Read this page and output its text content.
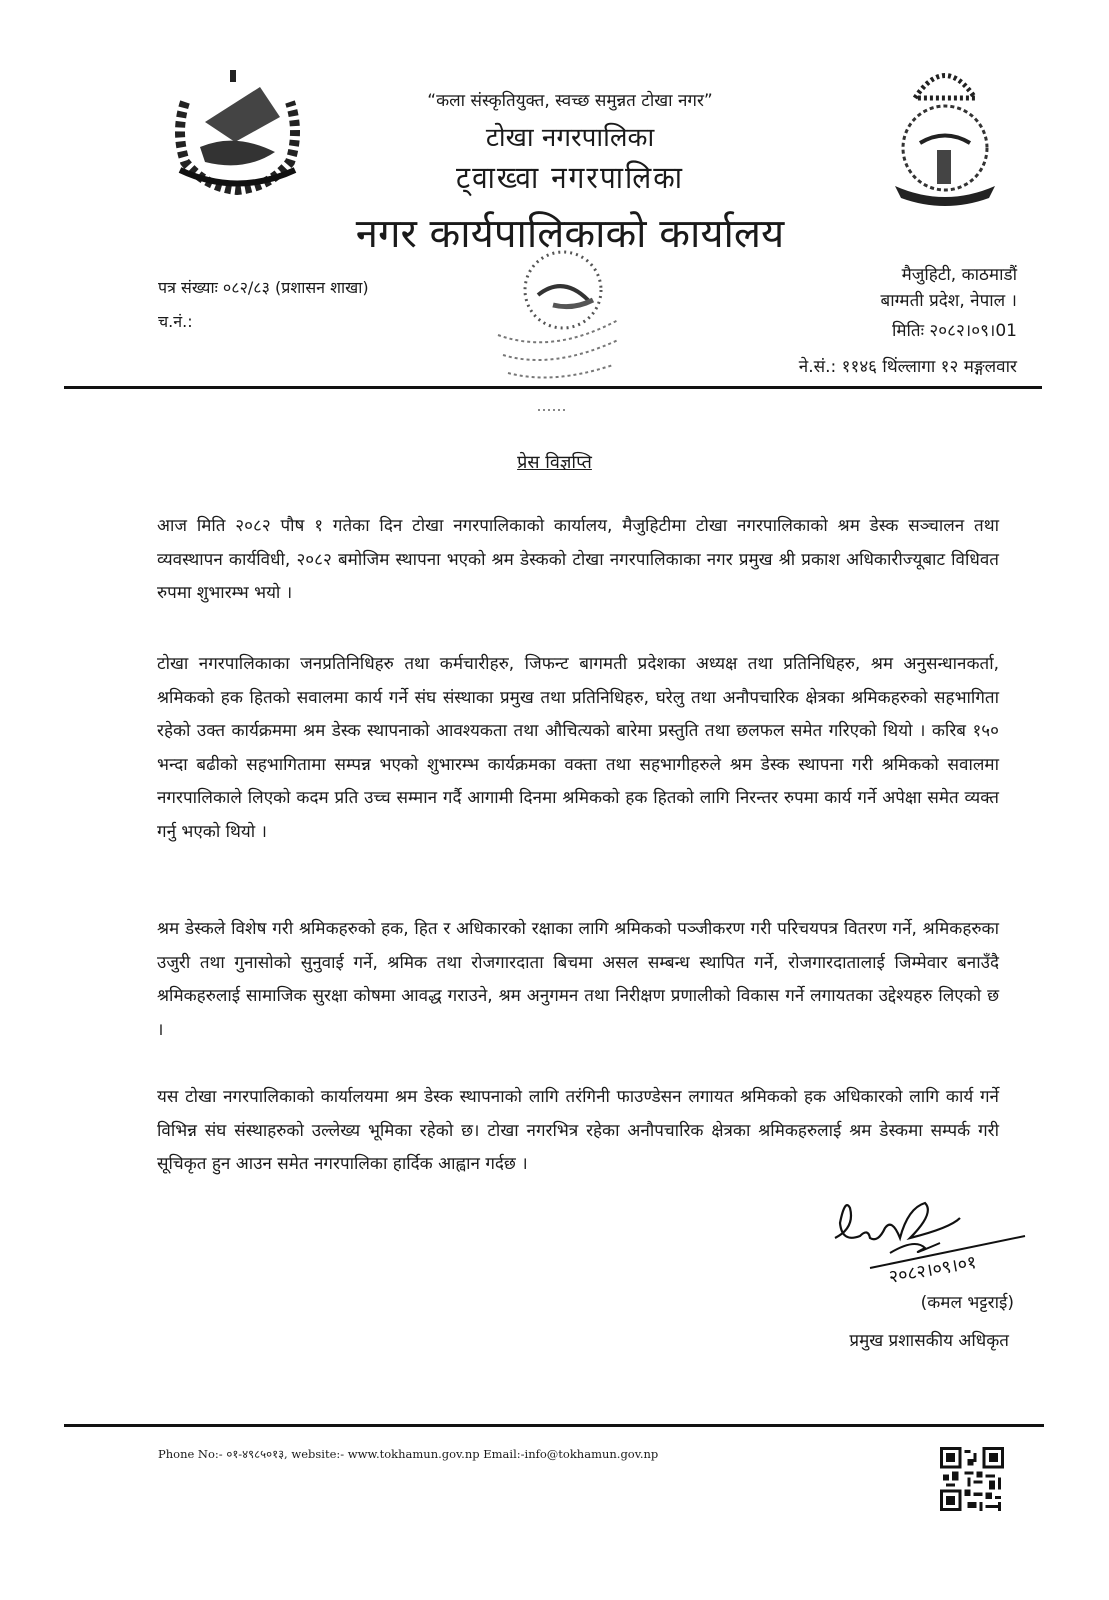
“कला संस्कृतियुक्त, स्वच्छ समुन्नत टोखा नगर”
टोखा नगरपालिका
ट्वाख्वा नगरपालिका
नगर कार्यपालिकाको कार्यालय
पत्र संख्याः ०८२/८३ (प्रशासन शाखा)
च.नं.:
मैजुहिटी, काठमाडौं
बाग्मती प्रदेश, नेपाल ।
मितिः २०८२।०९।01
ने.सं.: ११४६ थिंल्लागा १२ मङ्गलवार
प्रेस विज्ञप्ति
आज मिति २०८२ पौष १ गतेका दिन टोखा नगरपालिकाको कार्यालय, मैजुहिटीमा टोखा नगरपालिकाको श्रम डेस्क सञ्चालन तथा व्यवस्थापन कार्यविधी, २०८२ बमोजिम स्थापना भएको श्रम डेस्कको टोखा नगरपालिकाका नगर प्रमुख श्री प्रकाश अधिकारीज्यूबाट विधिवत रुपमा शुभारम्भ भयो ।
टोखा नगरपालिकाका जनप्रतिनिधिहरु तथा कर्मचारीहरु, जिफन्ट बागमती प्रदेशका अध्यक्ष तथा प्रतिनिधिहरु, श्रम अनुसन्धानकर्ता, श्रमिकको हक हितको सवालमा कार्य गर्ने संघ संस्थाका प्रमुख तथा प्रतिनिधिहरु, घरेलु तथा अनौपचारिक क्षेत्रका श्रमिकहरुको सहभागिता रहेको उक्त कार्यक्रममा श्रम डेस्क स्थापनाको आवश्यकता तथा औचित्यको बारेमा प्रस्तुति तथा छलफल समेत गरिएको थियो । करिब १५० भन्दा बढीको सहभागितामा सम्पन्न भएको शुभारम्भ कार्यक्रमका वक्ता तथा सहभागीहरुले श्रम डेस्क स्थापना गरी श्रमिकको सवालमा नगरपालिकाले लिएको कदम प्रति उच्च सम्मान गर्दै आगामी दिनमा श्रमिकको हक हितको लागि निरन्तर रुपमा कार्य गर्ने अपेक्षा समेत व्यक्त गर्नु भएको थियो ।
श्रम डेस्कले विशेष गरी श्रमिकहरुको हक, हित र अधिकारको रक्षाका लागि श्रमिकको पञ्जीकरण गरी परिचयपत्र वितरण गर्ने, श्रमिकहरुका उजुरी तथा गुनासोको सुनुवाई गर्ने, श्रमिक तथा रोजगारदाता बिचमा असल सम्बन्ध स्थापित गर्ने, रोजगारदातालाई जिम्मेवार बनाउँदै श्रमिकहरुलाई सामाजिक सुरक्षा कोषमा आवद्ध गराउने, श्रम अनुगमन तथा निरीक्षण प्रणालीको विकास गर्ने लगायतका उद्देश्यहरु लिएको छ ।
यस टोखा नगरपालिकाको कार्यालयमा श्रम डेस्क स्थापनाको लागि तरंगिनी फाउण्डेसन लगायत श्रमिकको हक अधिकारको लागि कार्य गर्ने विभिन्न संघ संस्थाहरुको उल्लेख्य भूमिका रहेको छ। टोखा नगरभित्र रहेका अनौपचारिक क्षेत्रका श्रमिकहरुलाई श्रम डेस्कमा सम्पर्क गरी सूचिकृत हुन आउन समेत नगरपालिका हार्दिक आह्वान गर्दछ ।
२०८२।०९।०१
(कमल भट्टराई)
प्रमुख प्रशासकीय अधिकृत
Phone No:- ०१-४९८५०१३, website:- www.tokhamun.gov.np Email:-info@tokhamun.gov.np
